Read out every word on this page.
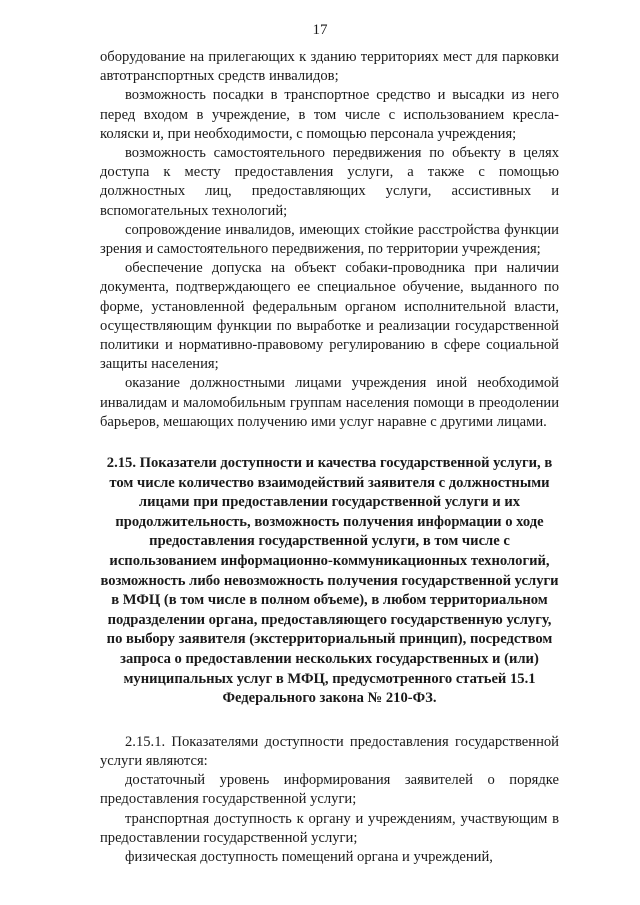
17

оборудование на прилегающих к зданию территориях мест для парковки автотранспортных средств инвалидов;

возможность посадки в транспортное средство и высадки из него перед входом в учреждение, в том числе с использованием кресла-коляски и, при необходимости, с помощью персонала учреждения;

возможность самостоятельного передвижения по объекту в целях доступа к месту предоставления услуги, а также с помощью должностных лиц, предоставляющих услуги, ассистивных и вспомогательных технологий;

сопровождение инвалидов, имеющих стойкие расстройства функции зрения и самостоятельного передвижения, по территории учреждения;

обеспечение допуска на объект собаки-проводника при наличии документа, подтверждающего ее специальное обучение, выданного по форме, установленной федеральным органом исполнительной власти, осуществляющим функции по выработке и реализации государственной политики и нормативно-правовому регулированию в сфере социальной защиты населения;

оказание должностными лицами учреждения иной необходимой инвалидам и маломобильным группам населения помощи в преодолении барьеров, мешающих получению ими услуг наравне с другими лицами.

2.15. Показатели доступности и качества государственной услуги, в том числе количество взаимодействий заявителя с должностными лицами при предоставлении государственной услуги и их продолжительность, возможность получения информации о ходе предоставления государственной услуги, в том числе с использованием информационно-коммуникационных технологий, возможность либо невозможность получения государственной услуги в МФЦ (в том числе в полном объеме), в любом территориальном подразделении органа, предоставляющего государственную услугу, по выбору заявителя (экстерриториальный принцип), посредством запроса о предоставлении нескольких государственных и (или) муниципальных услуг в МФЦ, предусмотренного статьей 15.1 Федерального закона № 210-ФЗ.

2.15.1. Показателями доступности предоставления государственной услуги являются:

достаточный уровень информирования заявителей о порядке предоставления государственной услуги;

транспортная доступность к органу и учреждениям, участвующим в предоставлении государственной услуги;

физическая доступность помещений органа и учреждений,
